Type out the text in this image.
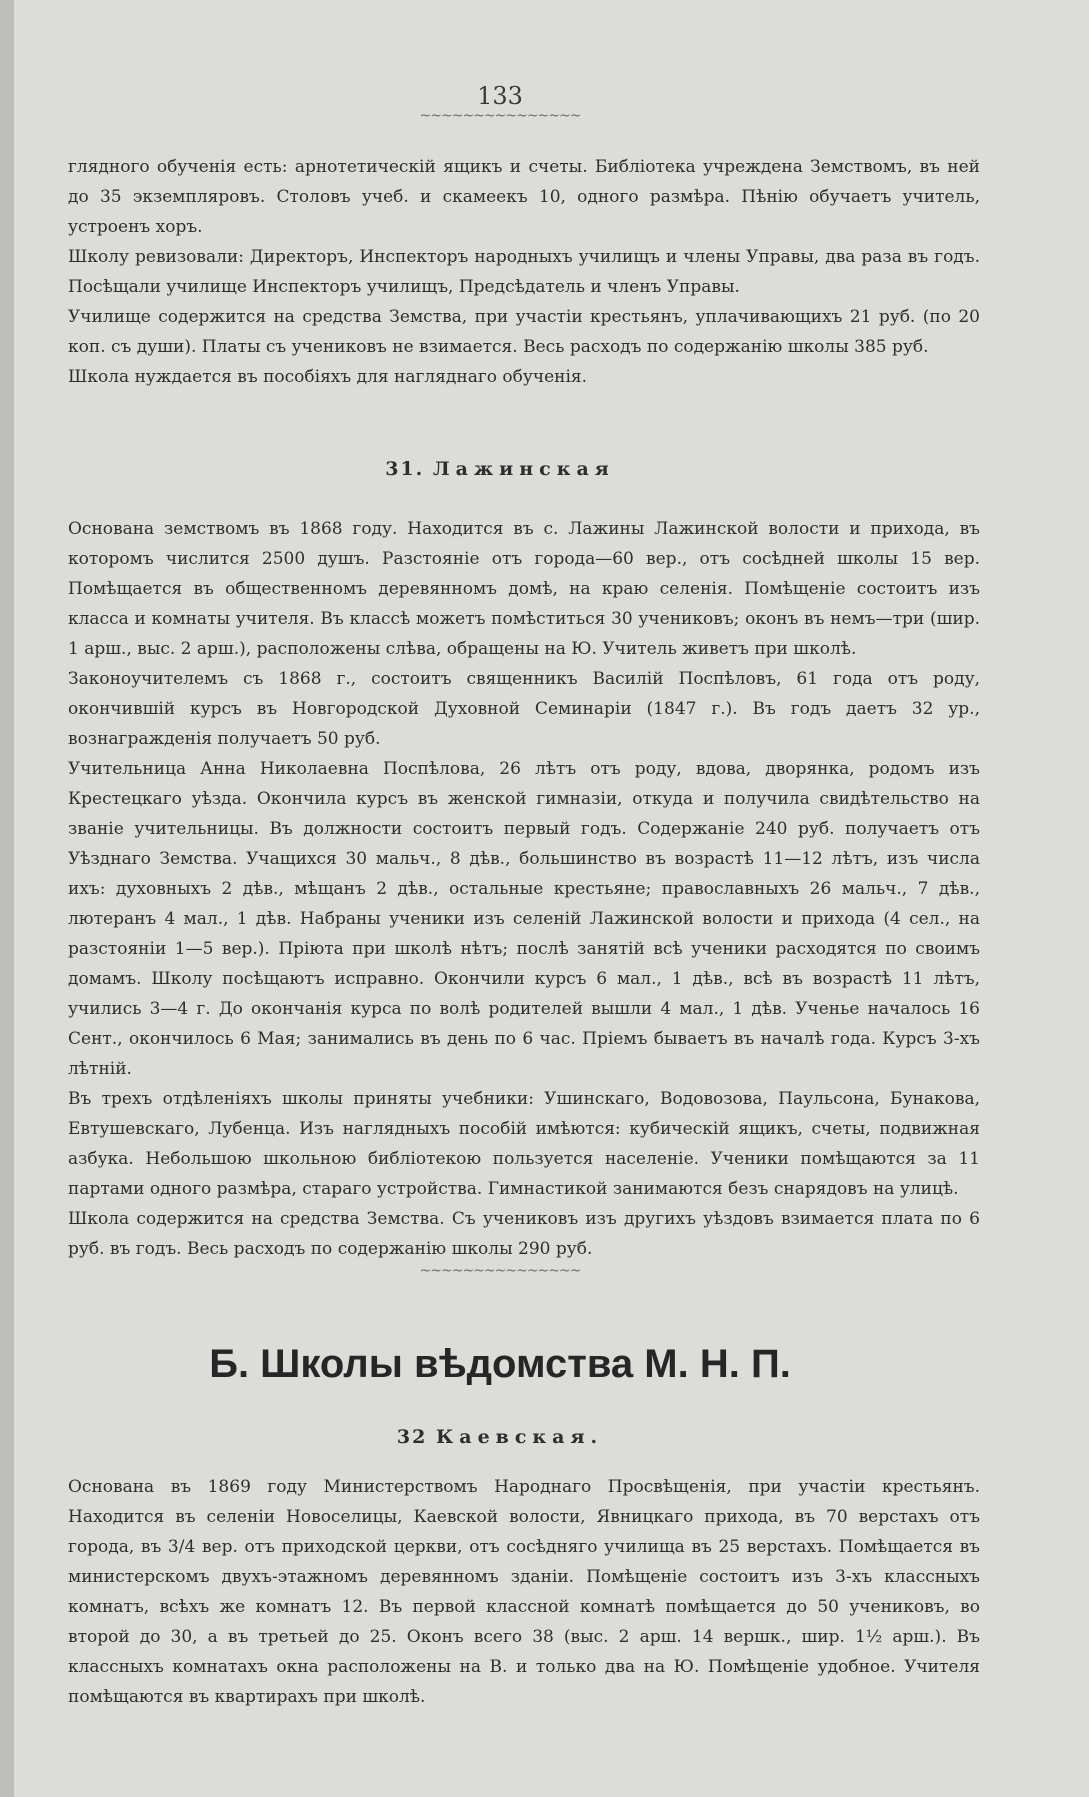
133
~~~~~~~~~~~~~~~

глядного обученія есть: арнотетическій ящикъ и счеты. Библіотека учреждена Земствомъ, въ ней до 35 экземпляровъ. Столовъ учеб. и скамеекъ 10, одного размѣра. Пѣнію обучаетъ учитель, устроенъ хоръ.

Школу ревизовали: Директоръ, Инспекторъ народныхъ училищъ и члены Управы, два раза въ годъ. Посѣщали училище Инспекторъ училищъ, Предсѣдатель и членъ Управы.

Училище содержится на средства Земства, при участіи крестьянъ, уплачивающихъ 21 руб. (по 20 коп. съ души). Платы съ учениковъ не взимается. Весь расходъ по содержанію школы 385 руб.

Школа нуждается въ пособіяхъ для нагляднаго обученія.

31. Лажинская

Основана земствомъ въ 1868 году. Находится въ с. Лажины Лажинской волости и прихода, въ которомъ числится 2500 душъ. Разстояніе отъ города—60 вер., отъ сосѣдней школы 15 вер. Помѣщается въ общественномъ деревянномъ домѣ, на краю селенія. Помѣщеніе состоитъ изъ класса и комнаты учителя. Въ классѣ можетъ помѣститься 30 учениковъ; оконъ въ немъ—три (шир. 1 арш., выс. 2 арш.), расположены слѣва, обращены на Ю. Учитель живетъ при школѣ.

Законоучителемъ съ 1868 г., состоитъ священникъ Василій Поспѣловъ, 61 года отъ роду, окончившій курсъ въ Новгородской Духовной Семинаріи (1847 г.). Въ годъ даетъ 32 ур., вознагражденія получаетъ 50 руб.

Учительница Анна Николаевна Поспѣлова, 26 лѣтъ отъ роду, вдова, дворянка, родомъ изъ Крестецкаго уѣзда. Окончила курсъ въ женской гимназіи, откуда и получила свидѣтельство на званіе учительницы. Въ должности состоитъ первый годъ. Содержаніе 240 руб. получаетъ отъ Уѣзднаго Земства. Учащихся 30 мальч., 8 дѣв., большинство въ возрастѣ 11—12 лѣтъ, изъ числа ихъ: духовныхъ 2 дѣв., мѣщанъ 2 дѣв., остальные крестьяне; православныхъ 26 мальч., 7 дѣв., лютеранъ 4 мал., 1 дѣв. Набраны ученики изъ селеній Лажинской волости и прихода (4 сел., на разстояніи 1—5 вер.). Пріюта при школѣ нѣтъ; послѣ занятій всѣ ученики расходятся по своимъ домамъ. Школу посѣщаютъ исправно. Окончили курсъ 6 мал., 1 дѣв., всѣ въ возрастѣ 11 лѣтъ, учились 3—4 г. До окончанія курса по волѣ родителей вышли 4 мал., 1 дѣв. Ученье началось 16 Сент., окончилось 6 Мая; занимались въ день по 6 час. Пріемъ бываетъ въ началѣ года. Курсъ 3-хъ лѣтній.

Въ трехъ отдѣленіяхъ школы приняты учебники: Ушинскаго, Водовозова, Паульсона, Бунакова, Евтушевскаго, Лубенца. Изъ наглядныхъ пособій имѣются: кубическій ящикъ, счеты, подвижная азбука. Небольшою школьною библіотекою пользуется населеніе. Ученики помѣщаются за 11 партами одного размѣра, стараго устройства. Гимнастикой занимаются безъ снарядовъ на улицѣ.

Школа содержится на средства Земства. Съ учениковъ изъ другихъ уѣздовъ взимается плата по 6 руб. въ годъ. Весь расходъ по содержанію школы 290 руб.

~~~~~~~~~~~~~~~
Б. Школы вѣдомства М. Н. П.
32 Каевская.

Основана въ 1869 году Министерствомъ Народнаго Просвѣщенія, при участіи крестьянъ. Находится въ селеніи Новоселицы, Каевской волости, Явницкаго прихода, въ 70 верстахъ отъ города, въ 3/4 вер. отъ приходской церкви, отъ сосѣдняго училища въ 25 верстахъ. Помѣщается въ министерскомъ двухъ-этажномъ деревянномъ зданіи. Помѣщеніе состоитъ изъ 3-хъ классныхъ комнатъ, всѣхъ же комнатъ 12. Въ первой классной комнатѣ помѣщается до 50 учениковъ, во второй до 30, а въ третьей до 25. Оконъ всего 38 (выс. 2 арш. 14 вершк., шир. 1½ арш.). Въ классныхъ комнатахъ окна расположены на В. и только два на Ю. Помѣщеніе удобное. Учителя помѣщаются въ квартирахъ при школѣ.
